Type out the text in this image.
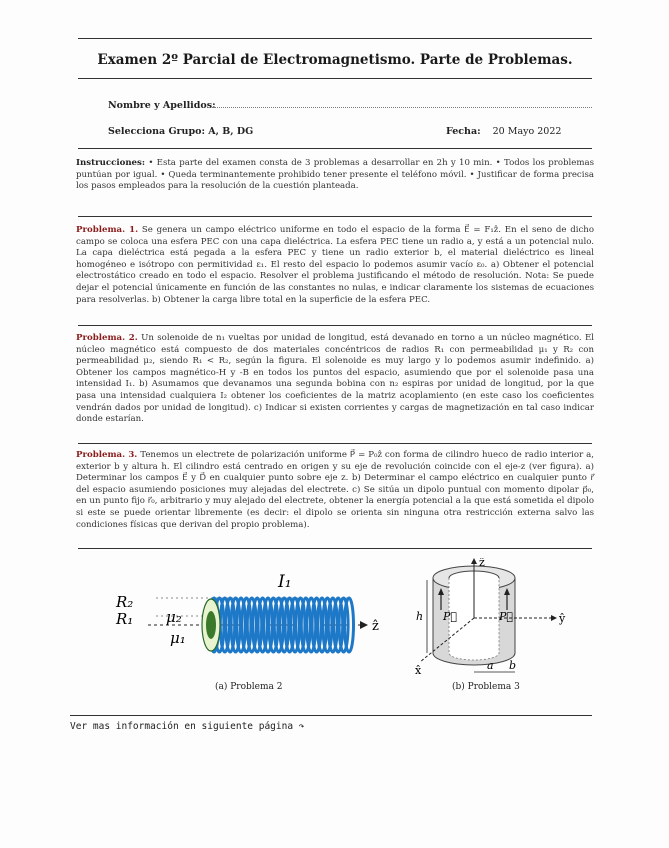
Examen 2º Parcial de Electromagnetismo. Parte de Problemas.
Nombre y Apellidos:
Selecciona Grupo: A, B, DG	Fecha: 20 Mayo 2022
Instrucciones: • Esta parte del examen consta de 3 problemas a desarrollar en 2h y 10 min. • Todos los problemas puntúan por igual. • Queda terminantemente prohibido tener presente el teléfono móvil. • Justificar de forma precisa los pasos empleados para la resolución de la cuestión planteada.
Problema. 1. Se genera un campo eléctrico uniforme en todo el espacio de la forma E⃗ = F₁ẑ. En el seno de dicho campo se coloca una esfera PEC con una capa dieléctrica. La esfera PEC tiene un radio a, y está a un potencial nulo. La capa dieléctrica está pegada a la esfera PEC y tiene un radio exterior b, el material dieléctrico es lineal homogéneo e isótropo con permitividad ε₁. El resto del espacio lo podemos asumir vacío ε₀. a) Obtener el potencial electrostático creado en todo el espacio. Resolver el problema justificando el método de resolución. Nota: Se puede dejar el potencial únicamente en función de las constantes no nulas, e indicar claramente los sistemas de ecuaciones para resolverlas. b) Obtener la carga libre total en la superficie de la esfera PEC.
Problema. 2. Un solenoide de n₁ vueltas por unidad de longitud, está devanado en torno a un núcleo magnético. El núcleo magnético está compuesto de dos materiales concéntricos de radios R₁ con permeabilidad μ₁ y R₂ con permeabilidad μ₂, siendo R₁ < R₂, según la figura. El solenoide es muy largo y lo podemos asumir indefinido. a) Obtener los campos magnético-H y -B en todos los puntos del espacio, asumiendo que por el solenoide pasa una intensidad I₁. b) Asumamos que devanamos una segunda bobina con n₂ espiras por unidad de longitud, por la que pasa una intensidad cualquiera I₂ obtener los coeficientes de la matriz acoplamiento (en este caso los coeficientes vendrán dados por unidad de longitud). c) Indicar si existen corrientes y cargas de magnetización en tal caso indicar donde estarían.
Problema. 3. Tenemos un electrete de polarización uniforme P⃗ = P₀ẑ con forma de cilindro hueco de radio interior a, exterior b y altura h. El cilindro está centrado en origen y su eje de revolución coincide con el eje-z (ver figura). a) Determinar los campos E⃗ y D⃗ en cualquier punto sobre eje z. b) Determinar el campo eléctrico en cualquier punto r⃗ del espacio asumiendo posiciones muy alejadas del electrete. c) Se sitúa un dipolo puntual con momento dipolar p⃗₀, en un punto fijo r⃗₀, arbitrario y muy alejado del electrete, obtener la energía potencial a la que está sometida el dipolo si este se puede orientar libremente (es decir: el dipolo se orienta sin ninguna otra restricción externa salvo las condiciones físicas que derivan del propio problema).
I₁
R₂
R₁ μ₂
μ₁
ẑ
(a) Problema 2
ẑ
ŷ
x̂
h P⃗	P⃗
a b
(b) Problema 3
Ver mas información en siguiente página ↷
